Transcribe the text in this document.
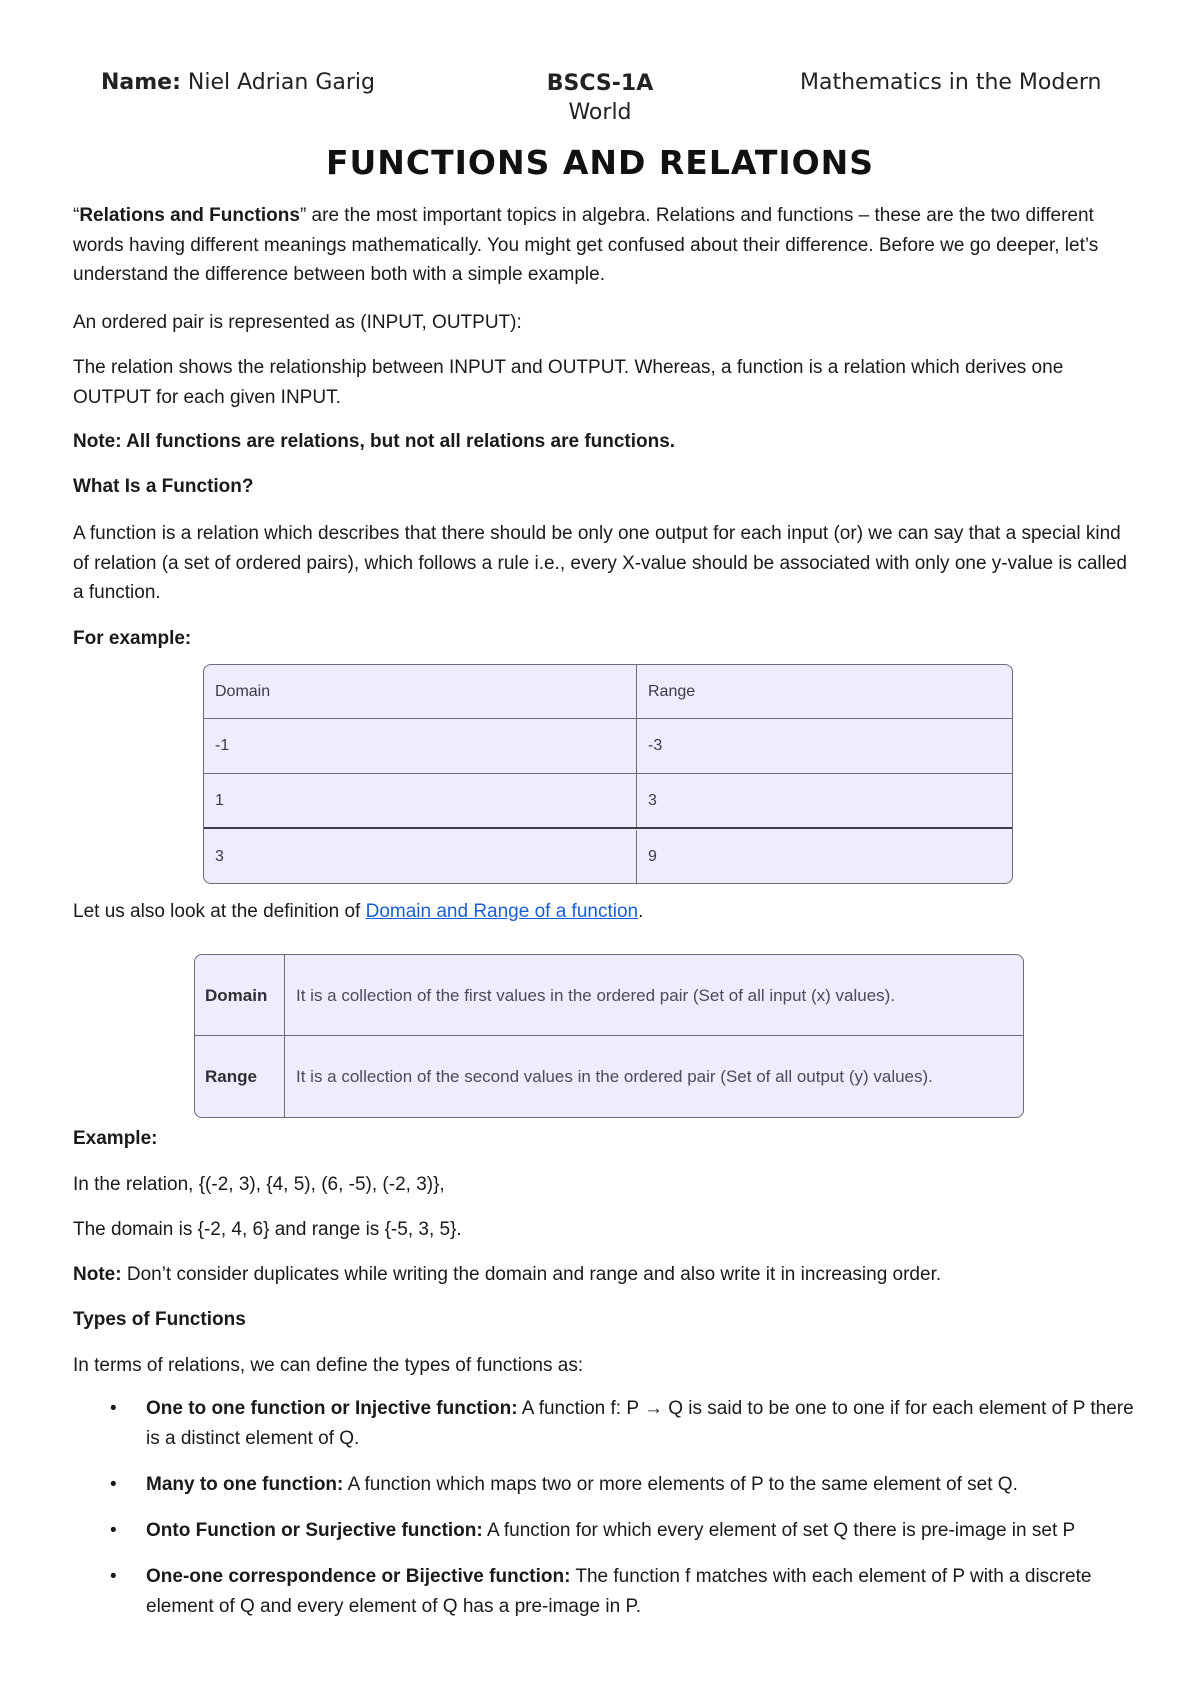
Name: Niel Adrian Garig	BSCS-1A	Mathematics in the Modern
World
FUNCTIONS AND RELATIONS

“Relations and Functions” are the most important topics in algebra. Relations and functions – these are the two different words having different meanings mathematically. You might get confused about their difference. Before we go deeper, let’s understand the difference between both with a simple example.

An ordered pair is represented as (INPUT, OUTPUT):

The relation shows the relationship between INPUT and OUTPUT. Whereas, a function is a relation which derives one OUTPUT for each given INPUT.

Note: All functions are relations, but not all relations are functions.

What Is a Function?

A function is a relation which describes that there should be only one output for each input (or) we can say that a special kind of relation (a set of ordered pairs), which follows a rule i.e., every X-value should be associated with only one y-value is called a function.

For example:

Domain	Range
-1	-3
1	3
3	9

Let us also look at the definition of Domain and Range of a function.

Domain	It is a collection of the first values in the ordered pair (Set of all input (x) values).
Range	It is a collection of the second values in the ordered pair (Set of all output (y) values).

Example:

In the relation, {(-2, 3), {4, 5), (6, -5), (-2, 3)},

The domain is {-2, 4, 6} and range is {-5, 3, 5}.

Note: Don’t consider duplicates while writing the domain and range and also write it in increasing order.

Types of Functions

In terms of relations, we can define the types of functions as:

• One to one function or Injective function: A function f: P → Q is said to be one to one if for each element of P there is a distinct element of Q.
• Many to one function: A function which maps two or more elements of P to the same element of set Q.
• Onto Function or Surjective function: A function for which every element of set Q there is pre-image in set P
• One-one correspondence or Bijective function: The function f matches with each element of P with a discrete element of Q and every element of Q has a pre-image in P.
